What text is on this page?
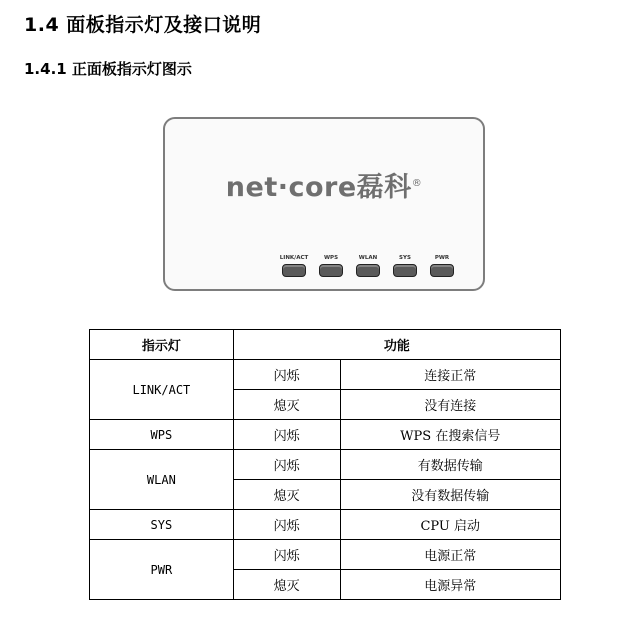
1.4 面板指示灯及接口说明
1.4.1 正面板指示灯图示
net·core磊科®
LINK/ACT	WPS	WLAN	SYS	PWR
指示灯	功能	
LINK/ACT	闪烁	连接正常
	熄灭	没有连接
WPS	闪烁	WPS 在搜索信号
WLAN	闪烁	有数据传输
	熄灭	没有数据传输
SYS	闪烁	CPU 启动
PWR	闪烁	电源正常
	熄灭	电源异常
